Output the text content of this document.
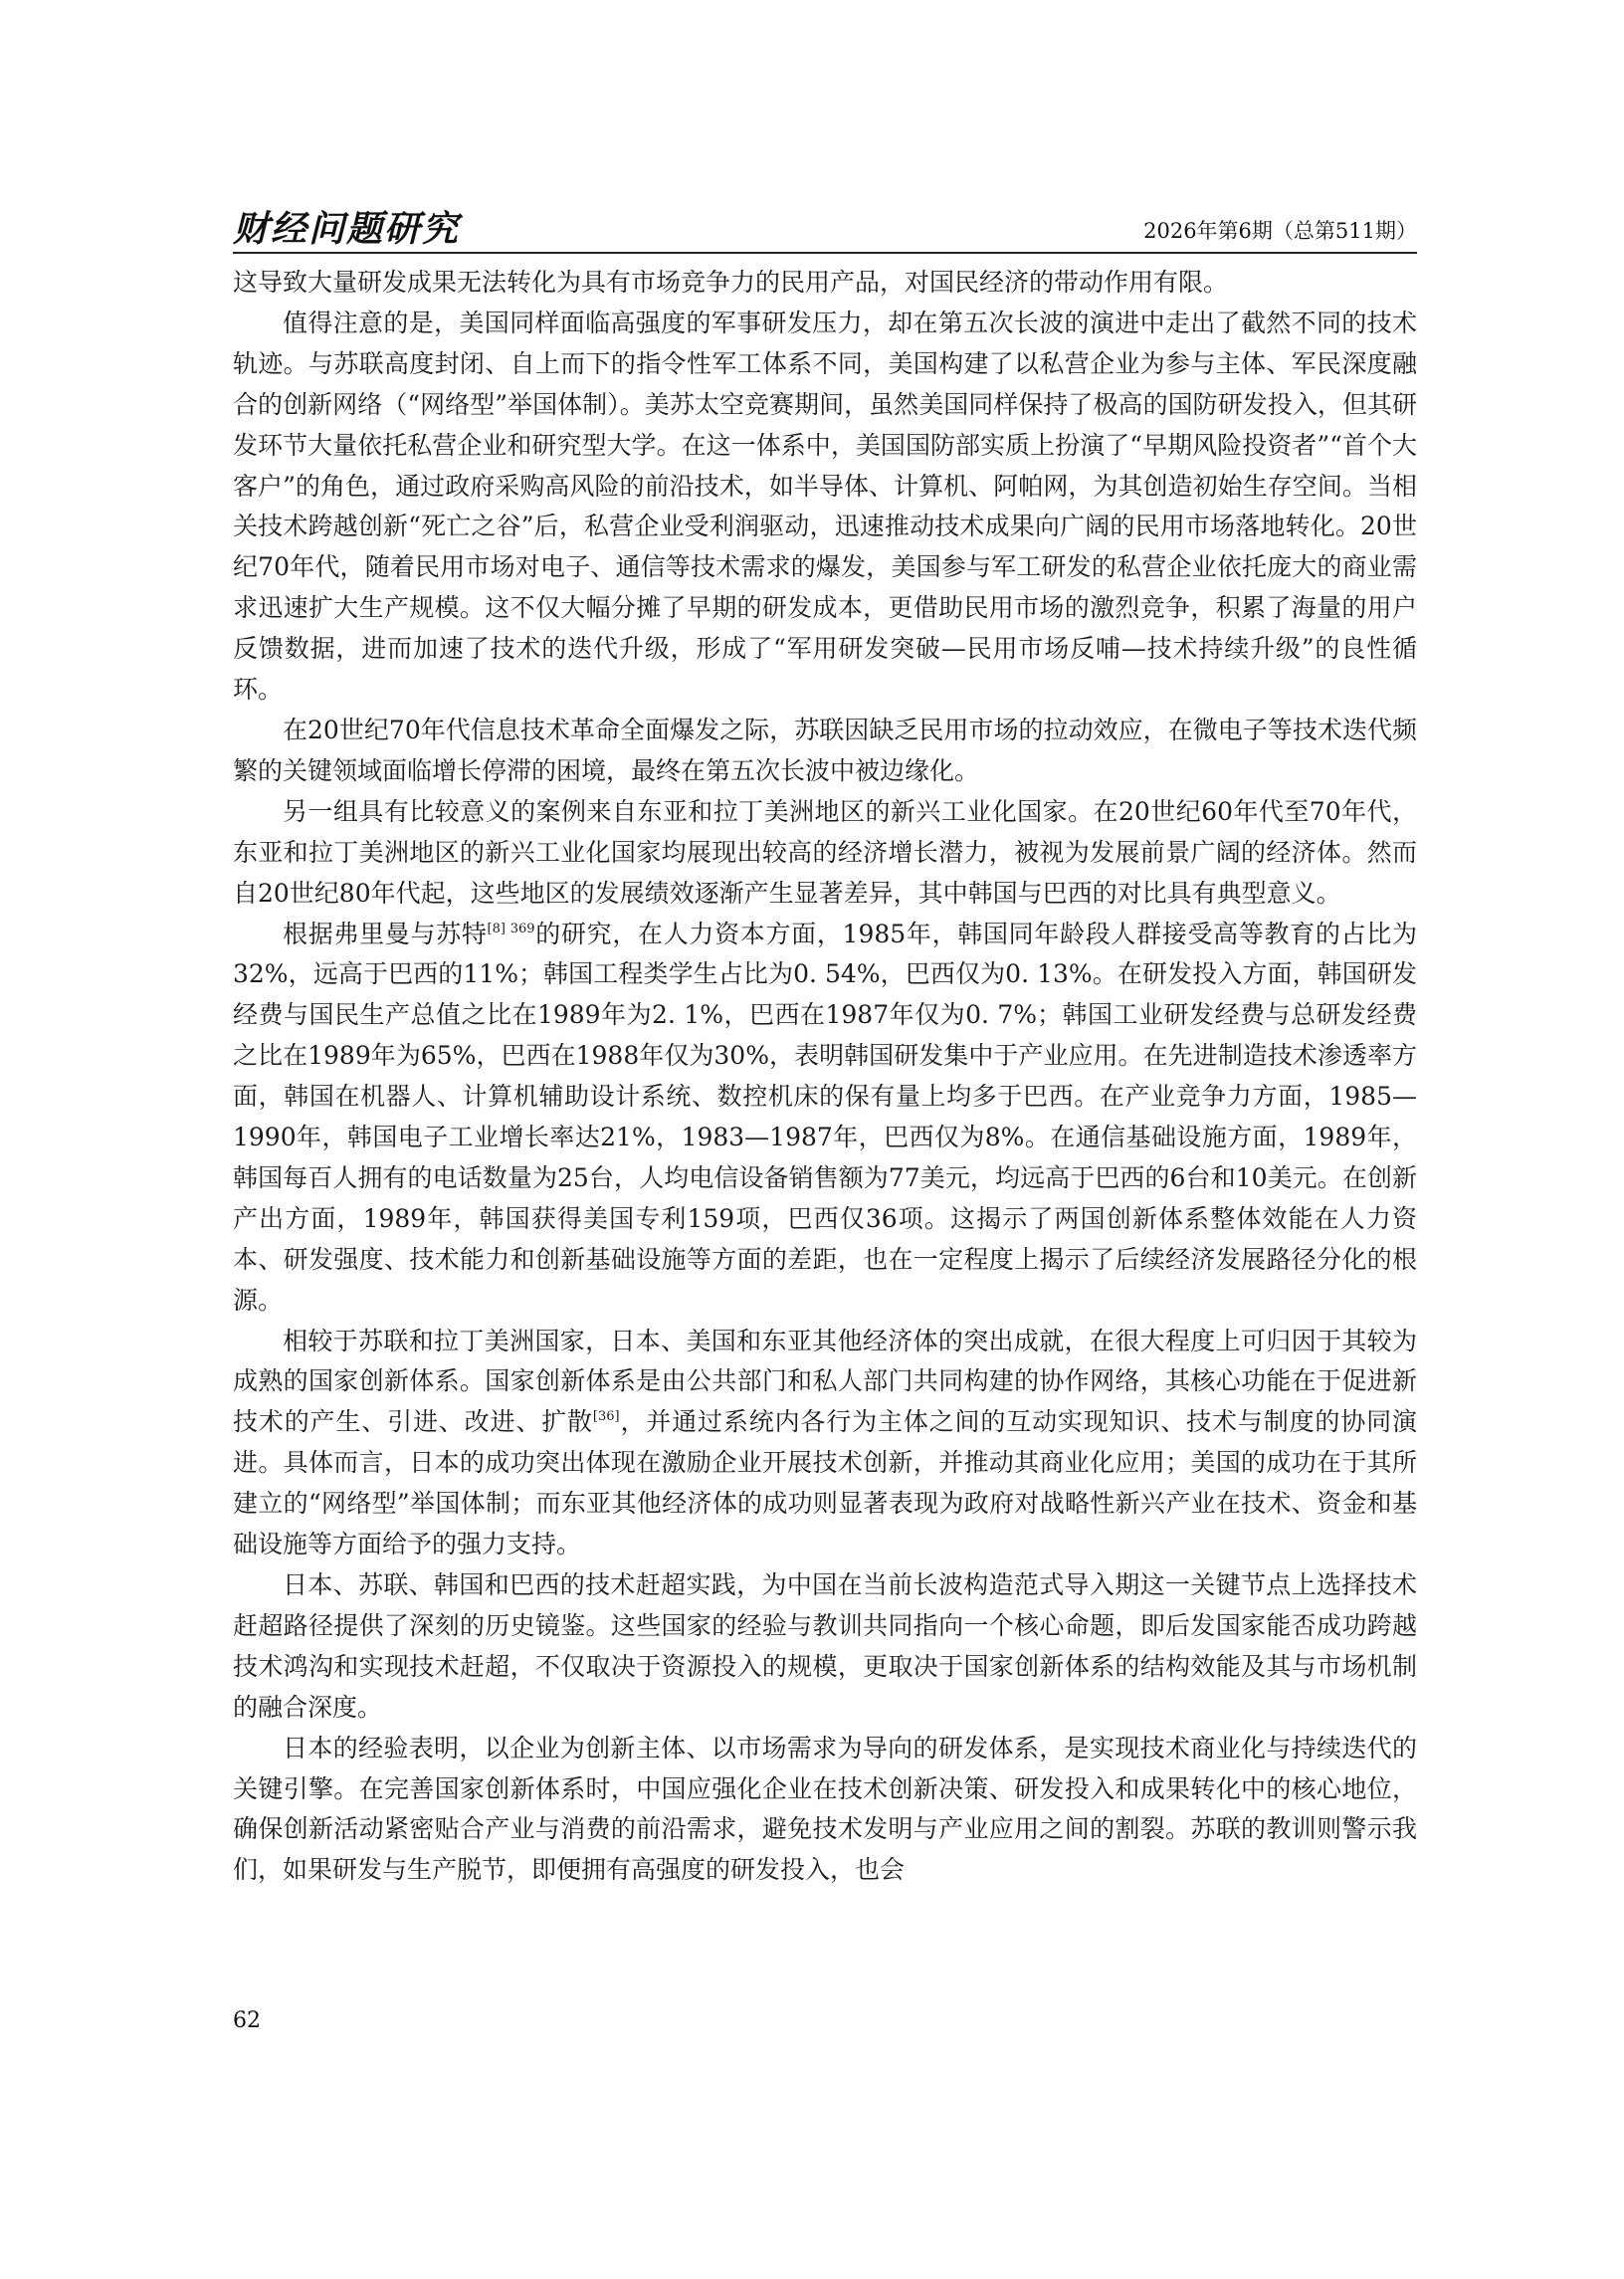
财经问题研究	2026年第6期（总第511期）

这导致大量研发成果无法转化为具有市场竞争力的民用产品，对国民经济的带动作用有限。

值得注意的是，美国同样面临高强度的军事研发压力，却在第五次长波的演进中走出了截然不同的技术轨迹。与苏联高度封闭、自上而下的指令性军工体系不同，美国构建了以私营企业为参与主体、军民深度融合的创新网络（“网络型”举国体制）。美苏太空竞赛期间，虽然美国同样保持了极高的国防研发投入，但其研发环节大量依托私营企业和研究型大学。在这一体系中，美国国防部实质上扮演了“早期风险投资者”“首个大客户”的角色，通过政府采购高风险的前沿技术，如半导体、计算机、阿帕网，为其创造初始生存空间。当相关技术跨越创新“死亡之谷”后，私营企业受利润驱动，迅速推动技术成果向广阔的民用市场落地转化。20世纪70年代，随着民用市场对电子、通信等技术需求的爆发，美国参与军工研发的私营企业依托庞大的商业需求迅速扩大生产规模。这不仅大幅分摊了早期的研发成本，更借助民用市场的激烈竞争，积累了海量的用户反馈数据，进而加速了技术的迭代升级，形成了“军用研发突破—民用市场反哺—技术持续升级”的良性循环。

在20世纪70年代信息技术革命全面爆发之际，苏联因缺乏民用市场的拉动效应，在微电子等技术迭代频繁的关键领域面临增长停滞的困境，最终在第五次长波中被边缘化。

另一组具有比较意义的案例来自东亚和拉丁美洲地区的新兴工业化国家。在20世纪60年代至70年代，东亚和拉丁美洲地区的新兴工业化国家均展现出较高的经济增长潜力，被视为发展前景广阔的经济体。然而自20世纪80年代起，这些地区的发展绩效逐渐产生显著差异，其中韩国与巴西的对比具有典型意义。

根据弗里曼与苏特$^{[8] 369}$的研究，在人力资本方面，1985年，韩国同年龄段人群接受高等教育的占比为32%，远高于巴西的11%；韩国工程类学生占比为0. 54%，巴西仅为0. 13%。在研发投入方面，韩国研发经费与国民生产总值之比在1989年为2. 1%，巴西在1987年仅为0. 7%；韩国工业研发经费与总研发经费之比在1989年为65%，巴西在1988年仅为30%，表明韩国研发集中于产业应用。在先进制造技术渗透率方面，韩国在机器人、计算机辅助设计系统、数控机床的保有量上均多于巴西。在产业竞争力方面，1985—1990年，韩国电子工业增长率达21%，1983—1987年，巴西仅为8%。在通信基础设施方面，1989年，韩国每百人拥有的电话数量为25台，人均电信设备销售额为77美元，均远高于巴西的6台和10美元。在创新产出方面，1989年，韩国获得美国专利159项，巴西仅36项。这揭示了两国创新体系整体效能在人力资本、研发强度、技术能力和创新基础设施等方面的差距，也在一定程度上揭示了后续经济发展路径分化的根源。

相较于苏联和拉丁美洲国家，日本、美国和东亚其他经济体的突出成就，在很大程度上可归因于其较为成熟的国家创新体系。国家创新体系是由公共部门和私人部门共同构建的协作网络，其核心功能在于促进新技术的产生、引进、改进、扩散[36]，并通过系统内各行为主体之间的互动实现知识、技术与制度的协同演进。具体而言，日本的成功突出体现在激励企业开展技术创新，并推动其商业化应用；美国的成功在于其所建立的“网络型”举国体制；而东亚其他经济体的成功则显著表现为政府对战略性新兴产业在技术、资金和基础设施等方面给予的强力支持。

日本、苏联、韩国和巴西的技术赶超实践，为中国在当前长波构造范式导入期这一关键节点上选择技术赶超路径提供了深刻的历史镜鉴。这些国家的经验与教训共同指向一个核心命题，即后发国家能否成功跨越技术鸿沟和实现技术赶超，不仅取决于资源投入的规模，更取决于国家创新体系的结构效能及其与市场机制的融合深度。

日本的经验表明，以企业为创新主体、以市场需求为导向的研发体系，是实现技术商业化与持续迭代的关键引擎。在完善国家创新体系时，中国应强化企业在技术创新决策、研发投入和成果转化中的核心地位，确保创新活动紧密贴合产业与消费的前沿需求，避免技术发明与产业应用之间的割裂。苏联的教训则警示我们，如果研发与生产脱节，即便拥有高强度的研发投入，也会

62
